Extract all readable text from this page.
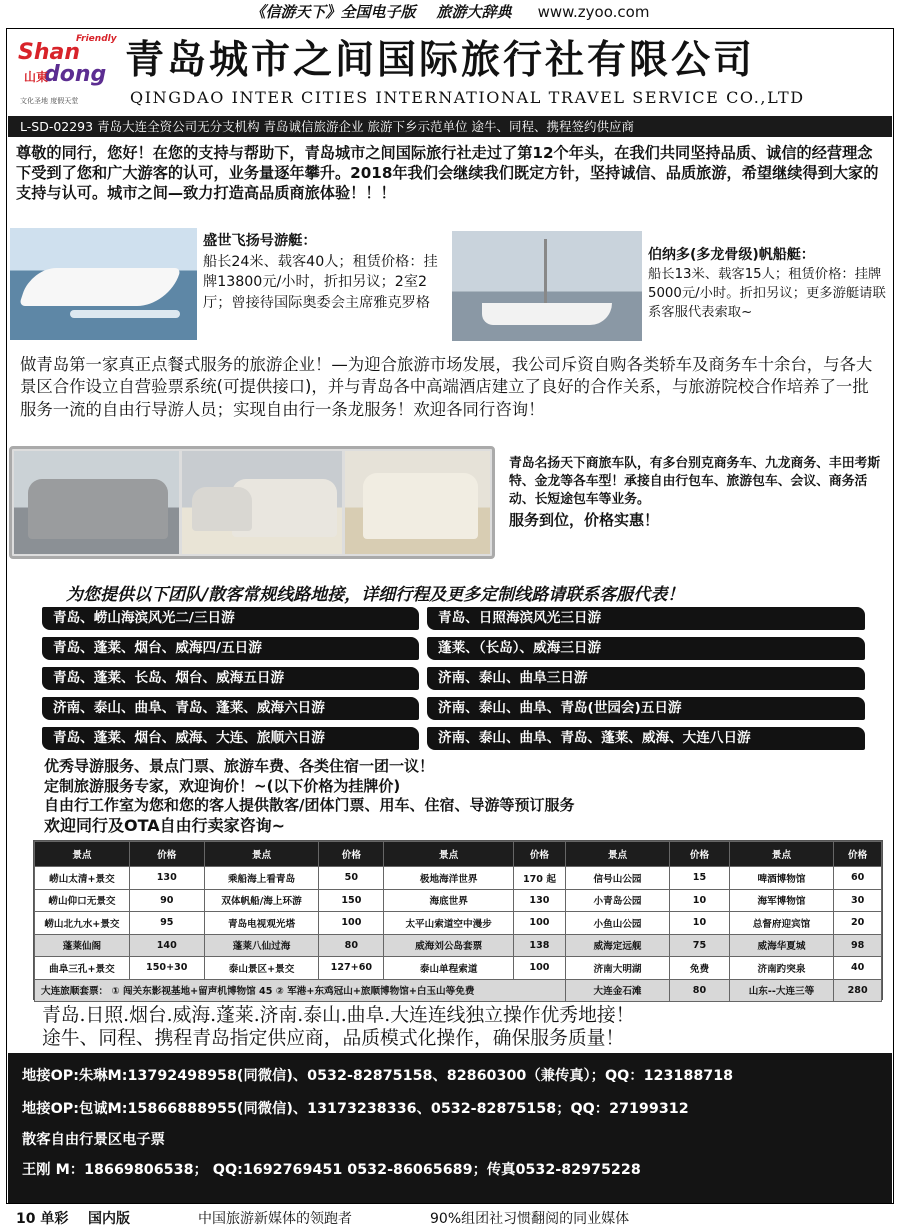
《信游天下》全国电子版 旅游大辞典 www.zyoo.com
Friendly
Shan
dong
山東
文化圣地 度假天堂
青岛城市之间国际旅行社有限公司
QINGDAO INTER CITIES INTERNATIONAL TRAVEL SERVICE CO.,LTD
L-SD-02293 青岛大连全资公司无分支机构 青岛诚信旅游企业 旅游下乡示范单位 途牛、同程、携程签约供应商
尊敬的同行，您好！在您的支持与帮助下，青岛城市之间国际旅行社走过了第12个年头，在我们共同坚持品质、诚信的经营理念下受到了您和广大游客的认可，业务量逐年攀升。2018年我们会继续我们既定方针，坚持诚信、品质旅游，希望继续得到大家的支持与认可。城市之间—致力打造高品质商旅体验！！！
盛世飞扬号游艇：
船长24米、载客40人；租赁价格：挂牌13800元/小时，折扣另议；2室2厅；曾接待国际奥委会主席雅克罗格
伯纳多(多龙骨级)帆船艇：
船长13米、载客15人；租赁价格：挂牌5000元/小时。折扣另议；更多游艇请联系客服代表索取~
做青岛第一家真正点餐式服务的旅游企业！—为迎合旅游市场发展，我公司斥资自购各类轿车及商务车十余台，与各大景区合作设立自营验票系统(可提供接口)，并与青岛各中高端酒店建立了良好的合作关系，与旅游院校合作培养了一批服务一流的自由行导游人员；实现自由行一条龙服务！欢迎各同行咨询！
青岛名扬天下商旅车队，有多台别克商务车、九龙商务、丰田考斯特、金龙等各车型！承接自由行包车、旅游包车、会议、商务活动、长短途包车等业务。
服务到位，价格实惠！
为您提供以下团队/散客常规线路地接，详细行程及更多定制线路请联系客服代表！
青岛、崂山海滨风光二/三日游
青岛、蓬莱、烟台、威海四/五日游
青岛、蓬莱、长岛、烟台、威海五日游
济南、泰山、曲阜、青岛、蓬莱、威海六日游
青岛、蓬莱、烟台、威海、大连、旅顺六日游
青岛、日照海滨风光三日游
蓬莱、（长岛）、威海三日游
济南、泰山、曲阜三日游
济南、泰山、曲阜、青岛(世园会)五日游
济南、泰山、曲阜、青岛、蓬莱、威海、大连八日游
优秀导游服务、景点门票、旅游车费、各类住宿一团一议！
定制旅游服务专家，欢迎询价！~(以下价格为挂牌价)
自由行工作室为您和您的客人提供散客/团体门票、用车、住宿、导游等预订服务
欢迎同行及OTA自由行卖家咨询~
景点	价格	景点	价格	景点	价格	景点	价格	景点	价格
崂山太清+景交	130	乘船海上看青岛	50	极地海洋世界	170 起	信号山公园	15	啤酒博物馆	60
崂山仰口无景交	90	双体帆船/海上环游	150	海底世界	130	小青岛公园	10	海军博物馆	30
崂山北九水+景交	95	青岛电视观光塔	100	太平山索道空中漫步	100	小鱼山公园	10	总督府迎宾馆	20
蓬莱仙阁	140	蓬莱八仙过海	80	威海刘公岛套票	138	威海定远舰	75	威海华夏城	98
曲阜三孔+景交	150+30	泰山景区+景交	127+60	泰山单程索道	100	济南大明湖	免费	济南趵突泉	40
大连旅顺套票： ① 闯关东影视基地+留声机博物馆 45 ② 军港+东鸡冠山+旅顺博物馆+白玉山等免费						大连金石滩	80	山东--大连三等	280
青岛.日照.烟台.威海.蓬莱.济南.泰山.曲阜.大连连线独立操作优秀地接！
途牛、同程、携程青岛指定供应商，品质模式化操作，确保服务质量！
地接OP:朱琳M:13792498958(同微信)、0532-82875158、82860300（兼传真）；QQ：123188718
地接OP:包诚M:15866888955(同微信)、13173238336、0532-82875158；QQ：27199312
散客自由行景区电子票
王刚 M：18669806538； QQ:1692769451 0532-86065689；传真0532-82975228
10 单彩 国内版	中国旅游新媒体的领跑者	90%组团社习惯翻阅的同业媒体
